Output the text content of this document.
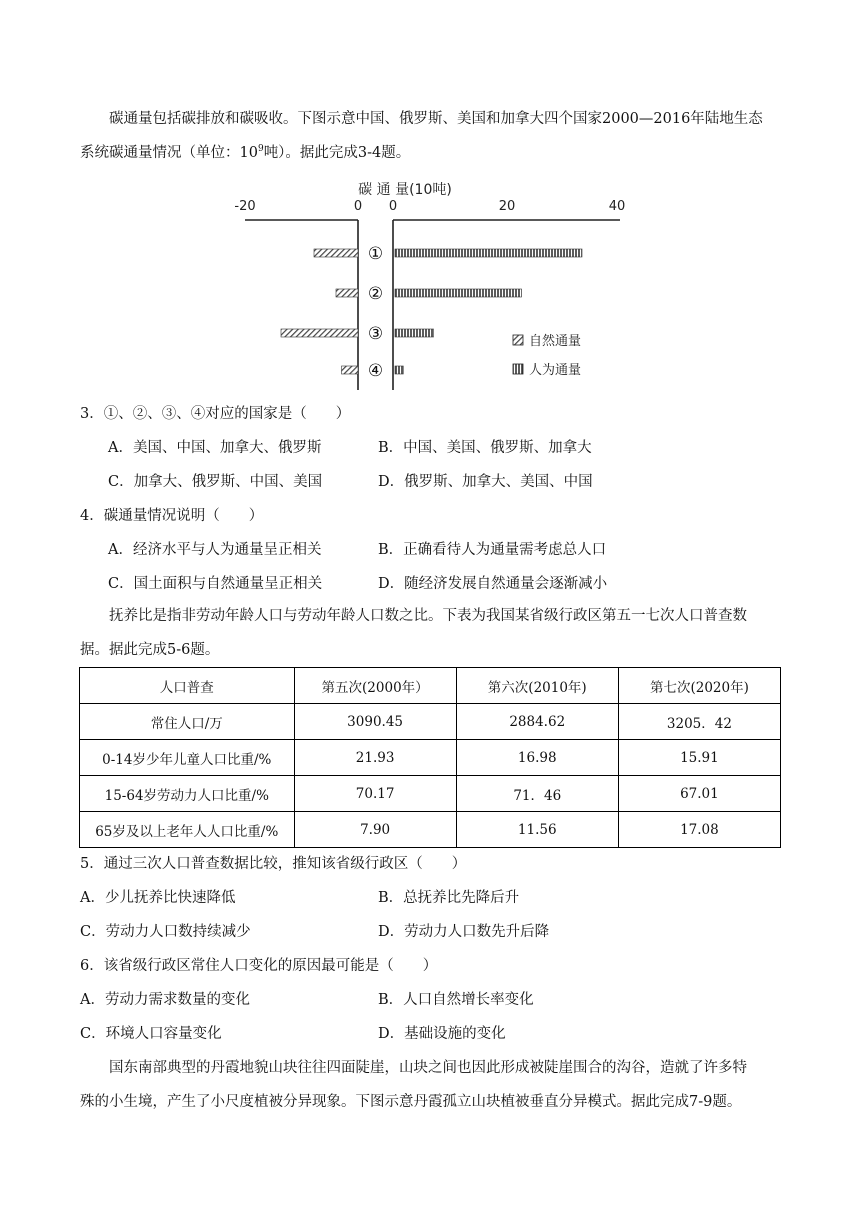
碳通量包括碳排放和碳吸收。下图示意中国、俄罗斯、美国和加拿大四个国家2000—2016年陆地生态

系统碳通量情况（单位：$10^9$吨）。据此完成3-4题。

碳 通 量(10吨)
-20	0 0	20	40
①
②
③
④
自然通量
人为通量

3．①、②、③、④对应的国家是（　　）

A．美国、中国、加拿大、俄罗斯	B．中国、美国、俄罗斯、加拿大

C．加拿大、俄罗斯、中国、美国	D．俄罗斯、加拿大、美国、中国

4．碳通量情况说明（　　）

A．经济水平与人为通量呈正相关	B．正确看待人为通量需考虑总人口

C．国土面积与自然通量呈正相关	D．随经济发展自然通量会逐渐减小

抚养比是指非劳动年龄人口与劳动年龄人口数之比。下表为我国某省级行政区第五一七次人口普查数

据。据此完成5-6题。

人口普查	第五次(2000年）	第六次(2010年)	第七次(2020年)
常住人口/万	3090.45	2884.62	3205．42
0-14岁少年儿童人口比重/%	21.93	16.98	15.91
15-64岁劳动力人口比重/%	70.17	71．46	67.01
65岁及以上老年人人口比重/%	7.90	11.56	17.08

5．通过三次人口普查数据比较，推知该省级行政区（　　）

A．少儿抚养比快速降低	B．总抚养比先降后升

C．劳动力人口数持续减少	D．劳动力人口数先升后降

6．该省级行政区常住人口变化的原因最可能是（　　）

A．劳动力需求数量的变化	B．人口自然增长率变化

C．环境人口容量变化	D．基础设施的变化

国东南部典型的丹霞地貌山块往往四面陡崖，山块之间也因此形成被陡崖围合的沟谷，造就了许多特

殊的小生境，产生了小尺度植被分异现象。下图示意丹霞孤立山块植被垂直分异模式。据此完成7-9题。
